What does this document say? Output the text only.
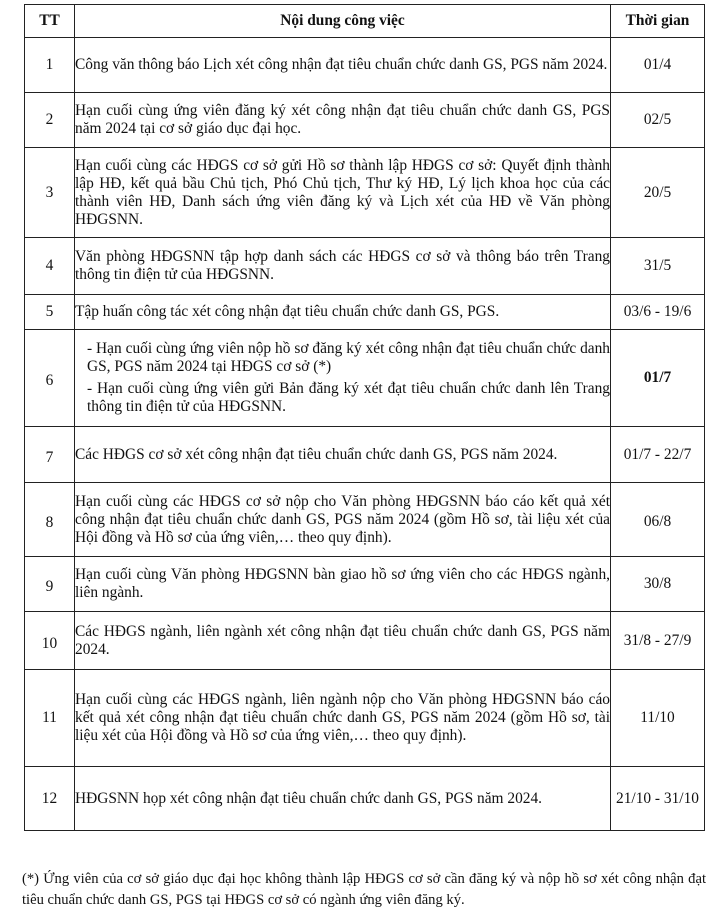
TT	Nội dung công việc	Thời gian
1	Công văn thông báo Lịch xét công nhận đạt tiêu chuẩn chức danh GS, PGS năm 2024.	01/4
2	Hạn cuối cùng ứng viên đăng ký xét công nhận đạt tiêu chuẩn chức danh GS, PGS năm 2024 tại cơ sở giáo dục đại học.	02/5
3	Hạn cuối cùng các HĐGS cơ sở gửi Hồ sơ thành lập HĐGS cơ sở: Quyết định thành lập HĐ, kết quả bầu Chủ tịch, Phó Chủ tịch, Thư ký HĐ, Lý lịch khoa học của các thành viên HĐ, Danh sách ứng viên đăng ký và Lịch xét của HĐ về Văn phòng HĐGSNN.	20/5
4	Văn phòng HĐGSNN tập hợp danh sách các HĐGS cơ sở và thông báo trên Trang thông tin điện tử của HĐGSNN.	31/5
5	Tập huấn công tác xét công nhận đạt tiêu chuẩn chức danh GS, PGS.	03/6 - 19/6
6	- Hạn cuối cùng ứng viên nộp hồ sơ đăng ký xét công nhận đạt tiêu chuẩn chức danh GS, PGS năm 2024 tại HĐGS cơ sở (*)
- Hạn cuối cùng ứng viên gửi Bản đăng ký xét đạt tiêu chuẩn chức danh lên Trang thông tin điện tử của HĐGSNN.	01/7
7	Các HĐGS cơ sở xét công nhận đạt tiêu chuẩn chức danh GS, PGS năm 2024.	01/7 - 22/7
8	Hạn cuối cùng các HĐGS cơ sở nộp cho Văn phòng HĐGSNN báo cáo kết quả xét công nhận đạt tiêu chuẩn chức danh GS, PGS năm 2024 (gồm Hồ sơ, tài liệu xét của Hội đồng và Hồ sơ của ứng viên,… theo quy định).	06/8
9	Hạn cuối cùng Văn phòng HĐGSNN bàn giao hồ sơ ứng viên cho các HĐGS ngành, liên ngành.	30/8
10	Các HĐGS ngành, liên ngành xét công nhận đạt tiêu chuẩn chức danh GS, PGS năm 2024.	31/8 - 27/9
11	Hạn cuối cùng các HĐGS ngành, liên ngành nộp cho Văn phòng HĐGSNN báo cáo kết quả xét công nhận đạt tiêu chuẩn chức danh GS, PGS năm 2024 (gồm Hồ sơ, tài liệu xét của Hội đồng và Hồ sơ của ứng viên,… theo quy định).	11/10
12	HĐGSNN họp xét công nhận đạt tiêu chuẩn chức danh GS, PGS năm 2024.	21/10 - 31/10
(*) Ứng viên của cơ sở giáo dục đại học không thành lập HĐGS cơ sở cần đăng ký và nộp hồ sơ xét công nhận đạt tiêu chuẩn chức danh GS, PGS tại HĐGS cơ sở có ngành ứng viên đăng ký.
